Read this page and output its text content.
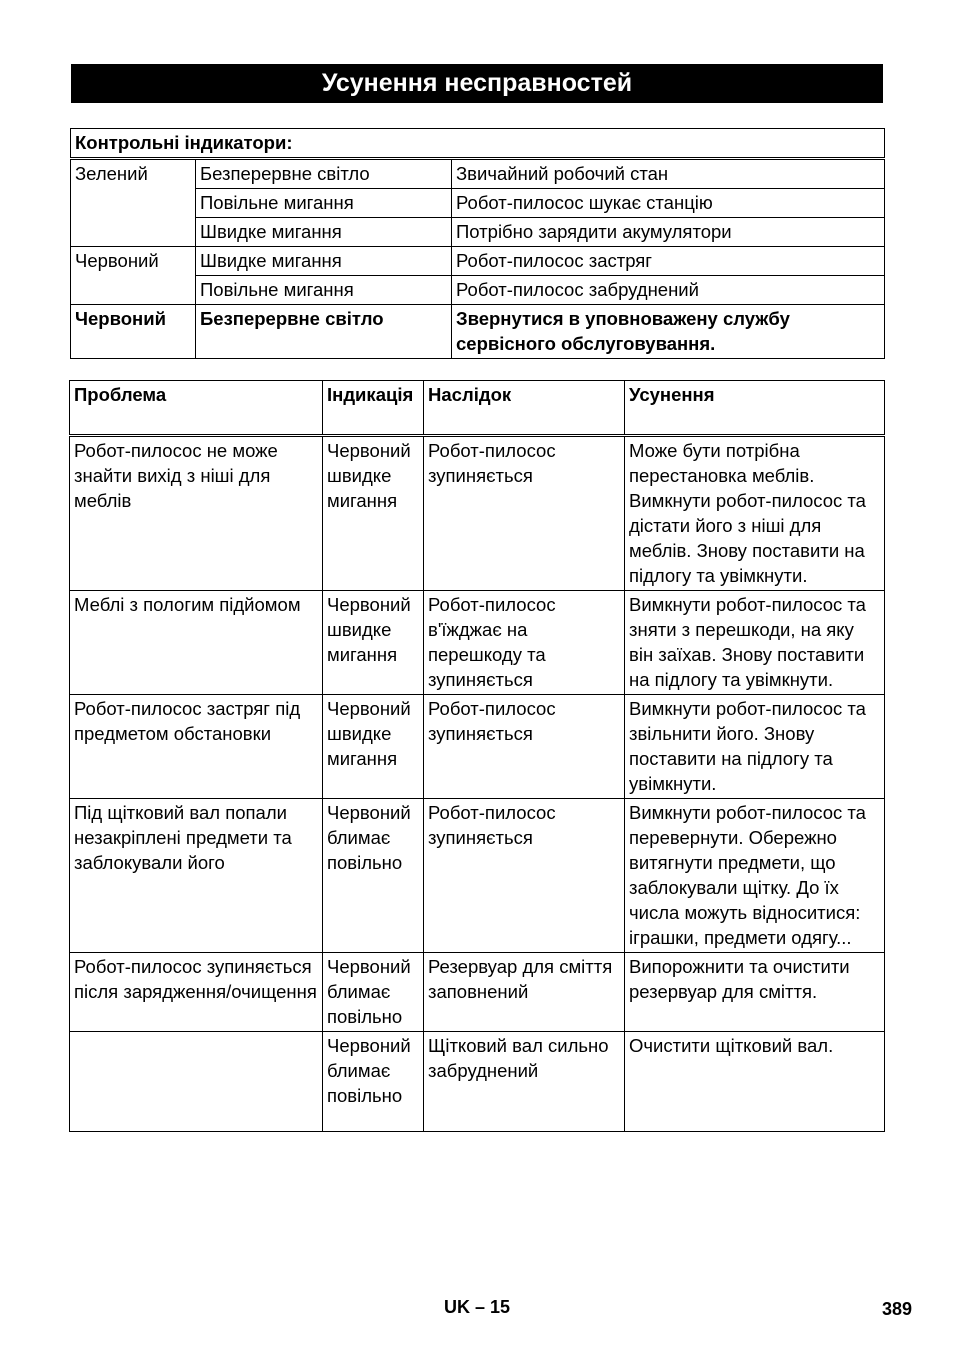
Усунення несправностей
Контрольні індикатори:		
Зелений	Безперервне світло	Звичайний робочий стан
	Повільне мигання	Робот-пилосос шукає станцію
	Швидке мигання	Потрібно зарядити акумулятори
Червоний	Швидке мигання	Робот-пилосос застряг
	Повільне мигання	Робот-пилосос забруднений
Червоний	Безперервне світло	Звернутися в уповноважену службу сервісного обслуговування.
Проблема	Індикація	Наслідок	Усунення
Робот-пилосос не може знайти вихід з ніші для меблів	Червоний швидке мигання	Робот-пилосос зупиняється	Може бути потрібна перестановка меблів. Вимкнути робот-пилосос та дістати його з ніші для меблів. Знову поставити на підлогу та увімкнути.
Меблі з пологим підйомом	Червоний швидке мигання	Робот-пилосос в'їжджає на перешкоду та зупиняється	Вимкнути робот-пилосос та зняти з перешкоди, на яку він заїхав. Знову поставити на підлогу та увімкнути.
Робот-пилосос застряг під предметом обстановки	Червоний швидке мигання	Робот-пилосос зупиняється	Вимкнути робот-пилосос та звільнити його. Знову поставити на підлогу та увімкнути.
Під щітковий вал попали незакріплені предмети та заблокували його	Червоний блимає повільно	Робот-пилосос зупиняється	Вимкнути робот-пилосос та перевернути. Обережно витягнути предмети, що заблокували щітку. До їх числа можуть відноситися: іграшки, предмети одягу...
Робот-пилосос зупиняється після зарядження/очищення	Червоний блимає повільно	Резервуар для сміття заповнений	Випорожнити та очистити резервуар для сміття.
	Червоний блимає повільно	Щітковий вал сильно забруднений	Очистити щітковий вал.
UK – 15	389
